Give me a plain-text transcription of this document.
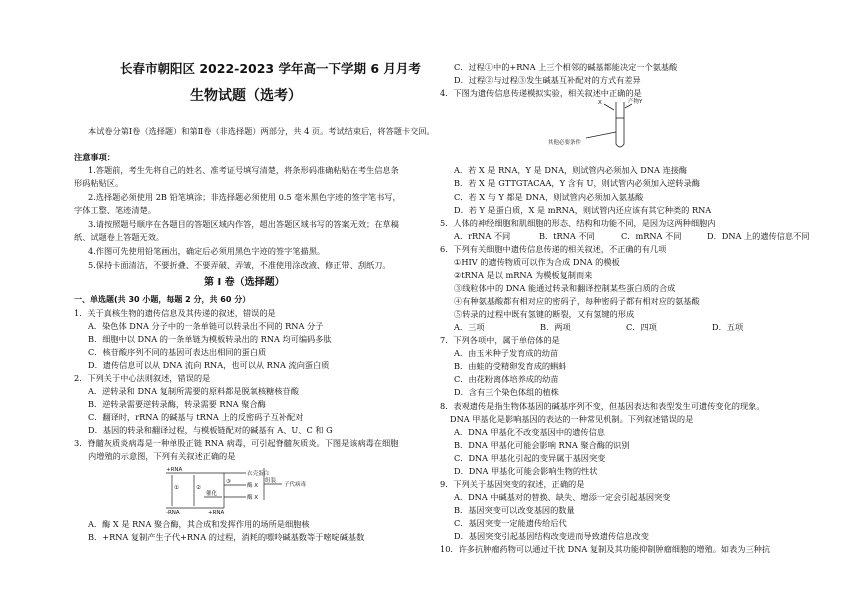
长春市朝阳区 2022-2023 学年高一下学期 6 月月考
生物试题（选考）
本试卷分第Ⅰ卷（选择题）和第Ⅱ卷（非选择题）两部分，共 4 页。考试结束后，将答题卡交回。
注意事项：
1.答题前，考生先将自己的姓名、准考证号填写清楚，将条形码准确粘贴在考生信息条
形码粘贴区。
2.选择题必须使用 2B 铅笔填涂；非选择题必须使用 0.5 毫米黑色字迹的签字笔书写，
字体工整、笔迹清楚。
3.请按照题号顺序在各题目的答题区域内作答，超出答题区域书写的答案无效；在草稿
纸、试题卷上答题无效。
4.作图可先使用铅笔画出，确定后必须用黑色字迹的签字笔描黑。
5.保持卡面清洁，不要折叠、不要弄破、弄皱，不准使用涂改液、修正带、刮纸刀。
第 Ⅰ 卷（选择题）
一、单选题(共 30 小题，每题 2 分，共 60 分）
1．关于真核生物的遗传信息及其传递的叙述，错误的是
A．染色体 DNA 分子中的一条单链可以转录出不同的 RNA 分子
B．细胞中以 DNA 的一条单链为模板转录出的 RNA 均可编码多肽
C．核苷酸序列不同的基因可表达出相同的蛋白质
D．遗传信息可以从 DNA 流向 RNA，也可以从 RNA 流向蛋白质
2．下列关于中心法则叙述，错误的是
A．逆转录和 DNA 复制所需要的原料都是脱氧核糖核苷酸
B．逆转录需要逆转录酶，转录需要 RNA 聚合酶
C．翻译时，rRNA 的碱基与 tRNA 上的反密码子互补配对
D．基因的转录和翻译过程，与模板链配对的碱基有 A、U、C 和 G
3．脊髓灰质炎病毒是一种单股正链 RNA 病毒，可引起脊髓灰质炎。下图是该病毒在细胞
内增殖的示意图，下列有关叙述正确的是
+RNA
衣壳蛋白
酶 X
组装
子代病毒
酶 X
催化
-RNA	+RNA
①	②
③
A．酶 X 是 RNA 聚合酶，其合成和发挥作用的场所是细胞核
B．+RNA 复制产生子代+RNA 的过程，消耗的嘌呤碱基数等于嘧啶碱基数
C．过程①中的+RNA 上三个相邻的碱基都能决定一个氨基酸
D．过程②与过程③发生碱基互补配对的方式有差异
4．下图为遗传信息传递模拟实验，相关叙述中正确的是
X	产物Y
其他必要条件
A．若 X 是 RNA，Y 是 DNA，则试管内必须加入 DNA 连接酶
B．若 X 是 GTTGTACAA，Y 含有 U，则试管内必须加入逆转录酶
C．若 X 与 Y 都是 DNA，则试管内必须加入氨基酸
D．若 Y 是蛋白质，X 是 mRNA，则试管内还应该有其它种类的 RNA
5．人体的神经细胞和肌细胞的形态、结构和功能不同，是因为这两种细胞内
A．rRNA 不同	B．tRNA 不同	C．mRNA 不同	D．DNA 上的遗传信息不同
6．下列有关细胞中遗传信息传递的相关叙述，不正确的有几项
①HIV 的遗传物质可以作为合成 DNA 的模板
②tRNA 是以 mRNA 为模板复制而来
③线粒体中的 DNA 能通过转录和翻译控制某些蛋白质的合成
④有种氨基酸都有相对应的密码子，每种密码子都有相对应的氨基酸
⑤转录的过程中既有氢键的断裂，又有氢键的形成
A．三项	B．两项	C．四项	D．五项
7．下列各项中，属于单倍体的是
A．由玉米种子发育成的幼苗
B．由蛙的受精卵发育成的蝌蚪
C．由花粉离体培养成的幼苗
D．含有三个染色体组的植株
8．表观遗传是指生物体基因的碱基序列不变，但基因表达和表型发生可遗传变化的现象。
DNA 甲基化是影响基因的表达的一种常见机制。下列叙述错误的是
A．DNA 甲基化不改变基因中的遗传信息
B．DNA 甲基化可能会影响 RNA 聚合酶的识别
C．DNA 甲基化引起的变异属于基因突变
D．DNA 甲基化可能会影响生物的性状
9．下列关于基因突变的叙述，正确的是
A．DNA 中碱基对的替换、缺失、增添一定会引起基因突变
B．基因突变可以改变基因的数量
C．基因突变一定能遗传给后代
D．基因突变引起基因结构改变进而导致遗传信息改变
10．许多抗肿瘤药物可以通过干扰 DNA 复制及其功能抑制肿瘤细胞的增殖。如表为三种抗
